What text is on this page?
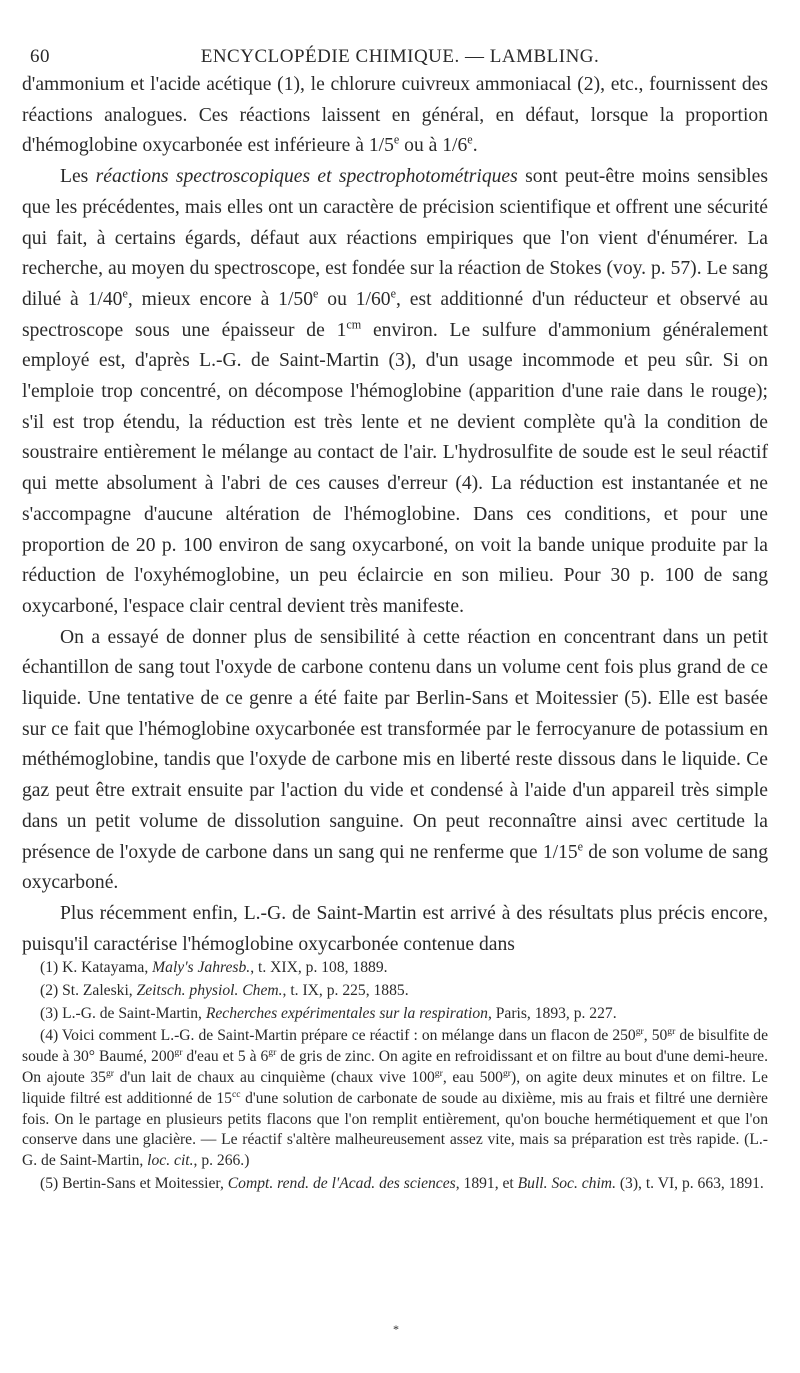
60	ENCYCLOPÉDIE CHIMIQUE. — LAMBLING.

d'ammonium et l'acide acétique (1), le chlorure cuivreux ammoniacal (2), etc., fournissent des réactions analogues. Ces réactions laissent en général, en défaut, lorsque la proportion d'hémoglobine oxycarbonée est inférieure à 1/5e ou à 1/6e.

Les réactions spectroscopiques et spectrophotométriques sont peut-être moins sensibles que les précédentes, mais elles ont un caractère de précision scientifique et offrent une sécurité qui fait, à certains égards, défaut aux réactions empiriques que l'on vient d'énumérer. La recherche, au moyen du spectroscope, est fondée sur la réaction de Stokes (voy. p. 57). Le sang dilué à 1/40e, mieux encore à 1/50e ou 1/60e, est additionné d'un réducteur et observé au spectroscope sous une épaisseur de $1^{cm}$ environ. Le sulfure d'ammonium généralement employé est, d'après L.-G. de Saint-Martin (3), d'un usage incommode et peu sûr. Si on l'emploie trop concentré, on décompose l'hémoglobine (apparition d'une raie dans le rouge); s'il est trop étendu, la réduction est très lente et ne devient complète qu'à la condition de soustraire entièrement le mélange au contact de l'air. L'hydrosulfite de soude est le seul réactif qui mette absolument à l'abri de ces causes d'erreur (4). La réduction est instantanée et ne s'accompagne d'aucune altération de l'hémoglobine. Dans ces conditions, et pour une proportion de 20 p. 100 environ de sang oxycarboné, on voit la bande unique produite par la réduction de l'oxyhémoglobine, un peu éclaircie en son milieu. Pour 30 p. 100 de sang oxycarboné, l'espace clair central devient très manifeste.

On a essayé de donner plus de sensibilité à cette réaction en concentrant dans un petit échantillon de sang tout l'oxyde de carbone contenu dans un volume cent fois plus grand de ce liquide. Une tentative de ce genre a été faite par Berlin-Sans et Moitessier (5). Elle est basée sur ce fait que l'hémoglobine oxycarbonée est transformée par le ferrocyanure de potassium en méthémoglobine, tandis que l'oxyde de carbone mis en liberté reste dissous dans le liquide. Ce gaz peut être extrait ensuite par l'action du vide et condensé à l'aide d'un appareil très simple dans un petit volume de dissolution sanguine. On peut reconnaître ainsi avec certitude la présence de l'oxyde de carbone dans un sang qui ne renferme que 1/15e de son volume de sang oxycarboné.

Plus récemment enfin, L.-G. de Saint-Martin est arrivé à des résultats plus précis encore, puisqu'il caractérise l'hémoglobine oxycarbonée contenue dans

(1) K. Katayama, Maly's Jahresb., t. XIX, p. 108, 1889.

(2) St. Zaleski, Zeitsch. physiol. Chem., t. IX, p. 225, 1885.

(3) L.-G. de Saint-Martin, Recherches expérimentales sur la respiration, Paris, 1893, p. 227.

(4) Voici comment L.-G. de Saint-Martin prépare ce réactif : on mélange dans un flacon de $250^{gr}$, $50^{gr}$ de bisulfite de soude à 30° Baumé, $200^{gr}$ d'eau et 5 à $6^{gr}$ de gris de zinc. On agite en refroidissant et on filtre au bout d'une demi-heure. On ajoute $35^{gr}$ d'un lait de chaux au cinquième (chaux vive $100^{gr}$, eau $500^{gr}$), on agite deux minutes et on filtre. Le liquide filtré est additionné de $15^{cc}$ d'une solution de carbonate de soude au dixième, mis au frais et filtré une dernière fois. On le partage en plusieurs petits flacons que l'on remplit entièrement, qu'on bouche hermétiquement et que l'on conserve dans une glacière. — Le réactif s'altère malheureusement assez vite, mais sa préparation est très rapide. (L.-G. de Saint-Martin, loc. cit., p. 266.)

(5) Bertin-Sans et Moitessier, Compt. rend. de l'Acad. des sciences, 1891, et Bull. Soc. chim. (3), t. VI, p. 663, 1891.

*
